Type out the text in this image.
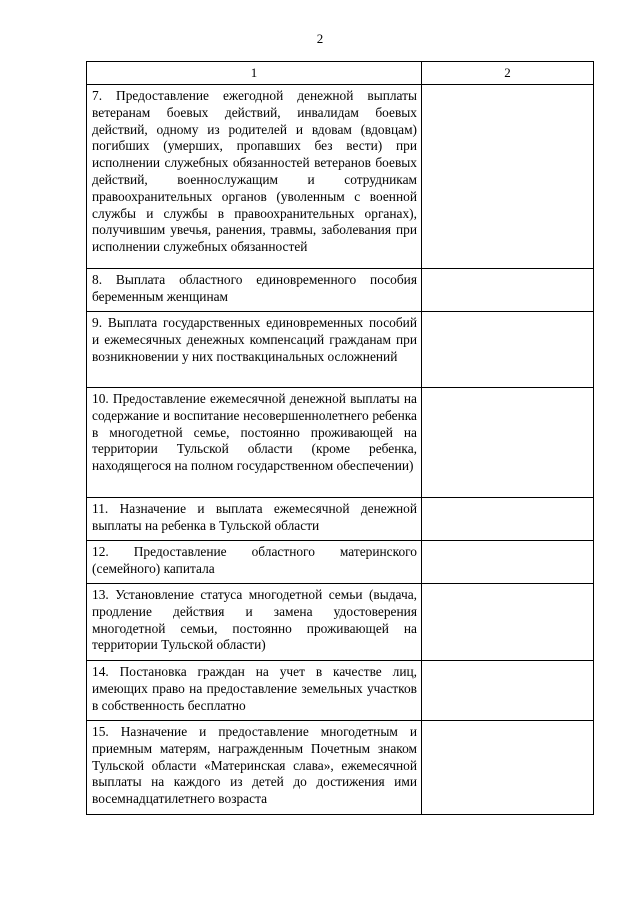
2
1	2
7. Предоставление ежегодной денежной выплаты ветеранам боевых действий, инвалидам боевых действий, одному из родителей и вдовам (вдовцам) погибших (умерших, пропавших без вести) при исполнении служебных обязанностей ветеранов боевых действий, военнослужащим и сотрудникам правоохранительных органов (уволенным с военной службы и службы в правоохранительных органах), получившим увечья, ранения, травмы, заболевания при исполнении служебных обязанностей	
8. Выплата областного единовременного пособия беременным женщинам	
9. Выплата государственных единовременных пособий и ежемесячных денежных компенсаций гражданам при возникновении у них поствакцинальных осложнений	
10. Предоставление ежемесячной денежной выплаты на содержание и воспитание несовершеннолетнего ребенка в многодетной семье, постоянно проживающей на территории Тульской области (кроме ребенка, находящегося на полном государственном обеспечении)	
11. Назначение и выплата ежемесячной денежной выплаты на ребенка в Тульской области	
12. Предоставление областного материнского (семейного) капитала	
13. Установление статуса многодетной семьи (выдача, продление действия и замена удостоверения многодетной семьи, постоянно проживающей на территории Тульской области)	
14. Постановка граждан на учет в качестве лиц, имеющих право на предоставление земельных участков в собственность бесплатно	
15. Назначение и предоставление многодетным и приемным матерям, награжденным Почетным знаком Тульской области «Материнская слава», ежемесячной выплаты на каждого из детей до достижения ими восемнадцатилетнего возраста	
